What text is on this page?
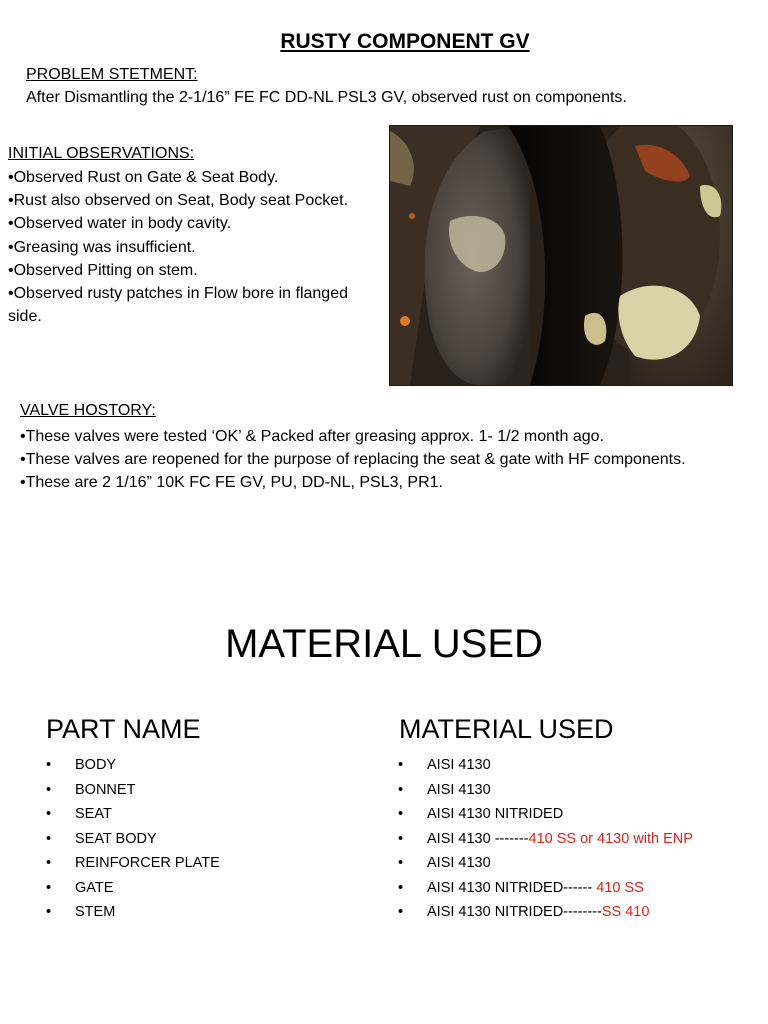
RUSTY COMPONENT GV
PROBLEM STETMENT:
After Dismantling the 2-1/16” FE FC DD-NL PSL3 GV, observed rust on components.
INITIAL OBSERVATIONS:
•Observed Rust on Gate & Seat Body.
•Rust also observed on Seat, Body seat Pocket.
•Observed water in body cavity.
•Greasing was insufficient.
•Observed Pitting on stem.
•Observed rusty patches in Flow bore in flanged side.
VALVE HOSTORY:
•These valves were tested ‘OK’ & Packed after greasing approx. 1- 1/2 month ago.
•These valves are reopened for the purpose of replacing the seat & gate with HF components.
•These are 2 1/16” 10K FC FE GV, PU, DD-NL, PSL3, PR1.
MATERIAL USED
PART NAME	MATERIAL USED
• BODY
• BONNET
• SEAT
• SEAT BODY
• REINFORCER PLATE
• GATE
• STEM
• AISI 4130
• AISI 4130
• AISI 4130 NITRIDED
• AISI 4130 -------410 SS or 4130 with ENP
• AISI 4130
• AISI 4130 NITRIDED------ 410 SS
• AISI 4130 NITRIDED--------SS 410
